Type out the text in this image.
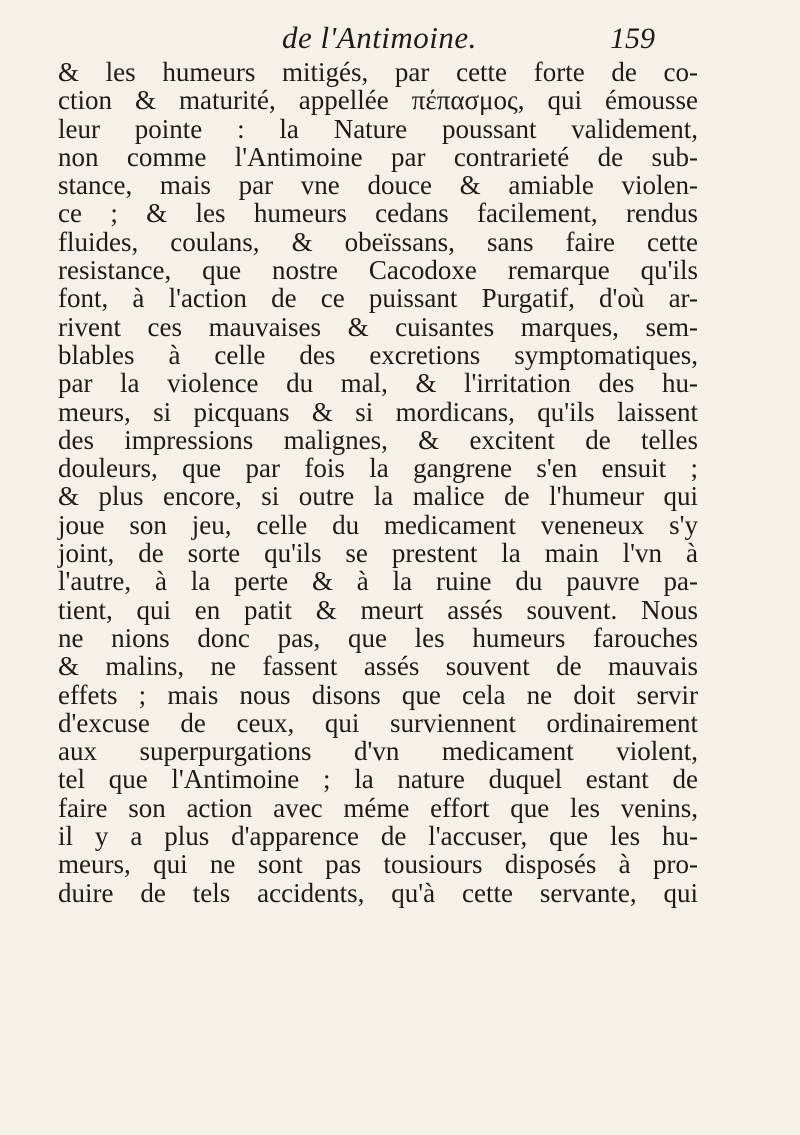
de l'Antimoine.	159
& les humeurs mitigés, par cette forte de co-
ction & maturité, appellée πέπασμος, qui émousse
leur pointe : la Nature poussant validement,
non comme l'Antimoine par contrarieté de sub-
stance, mais par vne douce & amiable violen-
ce ; & les humeurs cedans facilement, rendus
fluides, coulans, & obeïssans, sans faire cette
resistance, que nostre Cacodoxe remarque qu'ils
font, à l'action de ce puissant Purgatif, d'où ar-
rivent ces mauvaises & cuisantes marques, sem-
blables à celle des excretions symptomatiques,
par la violence du mal, & l'irritation des hu-
meurs, si picquans & si mordicans, qu'ils laissent
des impressions malignes, & excitent de telles
douleurs, que par fois la gangrene s'en ensuit ;
& plus encore, si outre la malice de l'humeur qui
joue son jeu, celle du medicament veneneux s'y
joint, de sorte qu'ils se prestent la main l'vn à
l'autre, à la perte & à la ruine du pauvre pa-
tient, qui en patit & meurt assés souvent. Nous
ne nions donc pas, que les humeurs farouches
& malins, ne fassent assés souvent de mauvais
effets ; mais nous disons que cela ne doit servir
d'excuse de ceux, qui surviennent ordinairement
aux superpurgations d'vn medicament violent,
tel que l'Antimoine ; la nature duquel estant de
faire son action avec méme effort que les venins,
il y a plus d'apparence de l'accuser, que les hu-
meurs, qui ne sont pas tousiours disposés à pro-
duire de tels accidents, qu'à cette servante, qui
